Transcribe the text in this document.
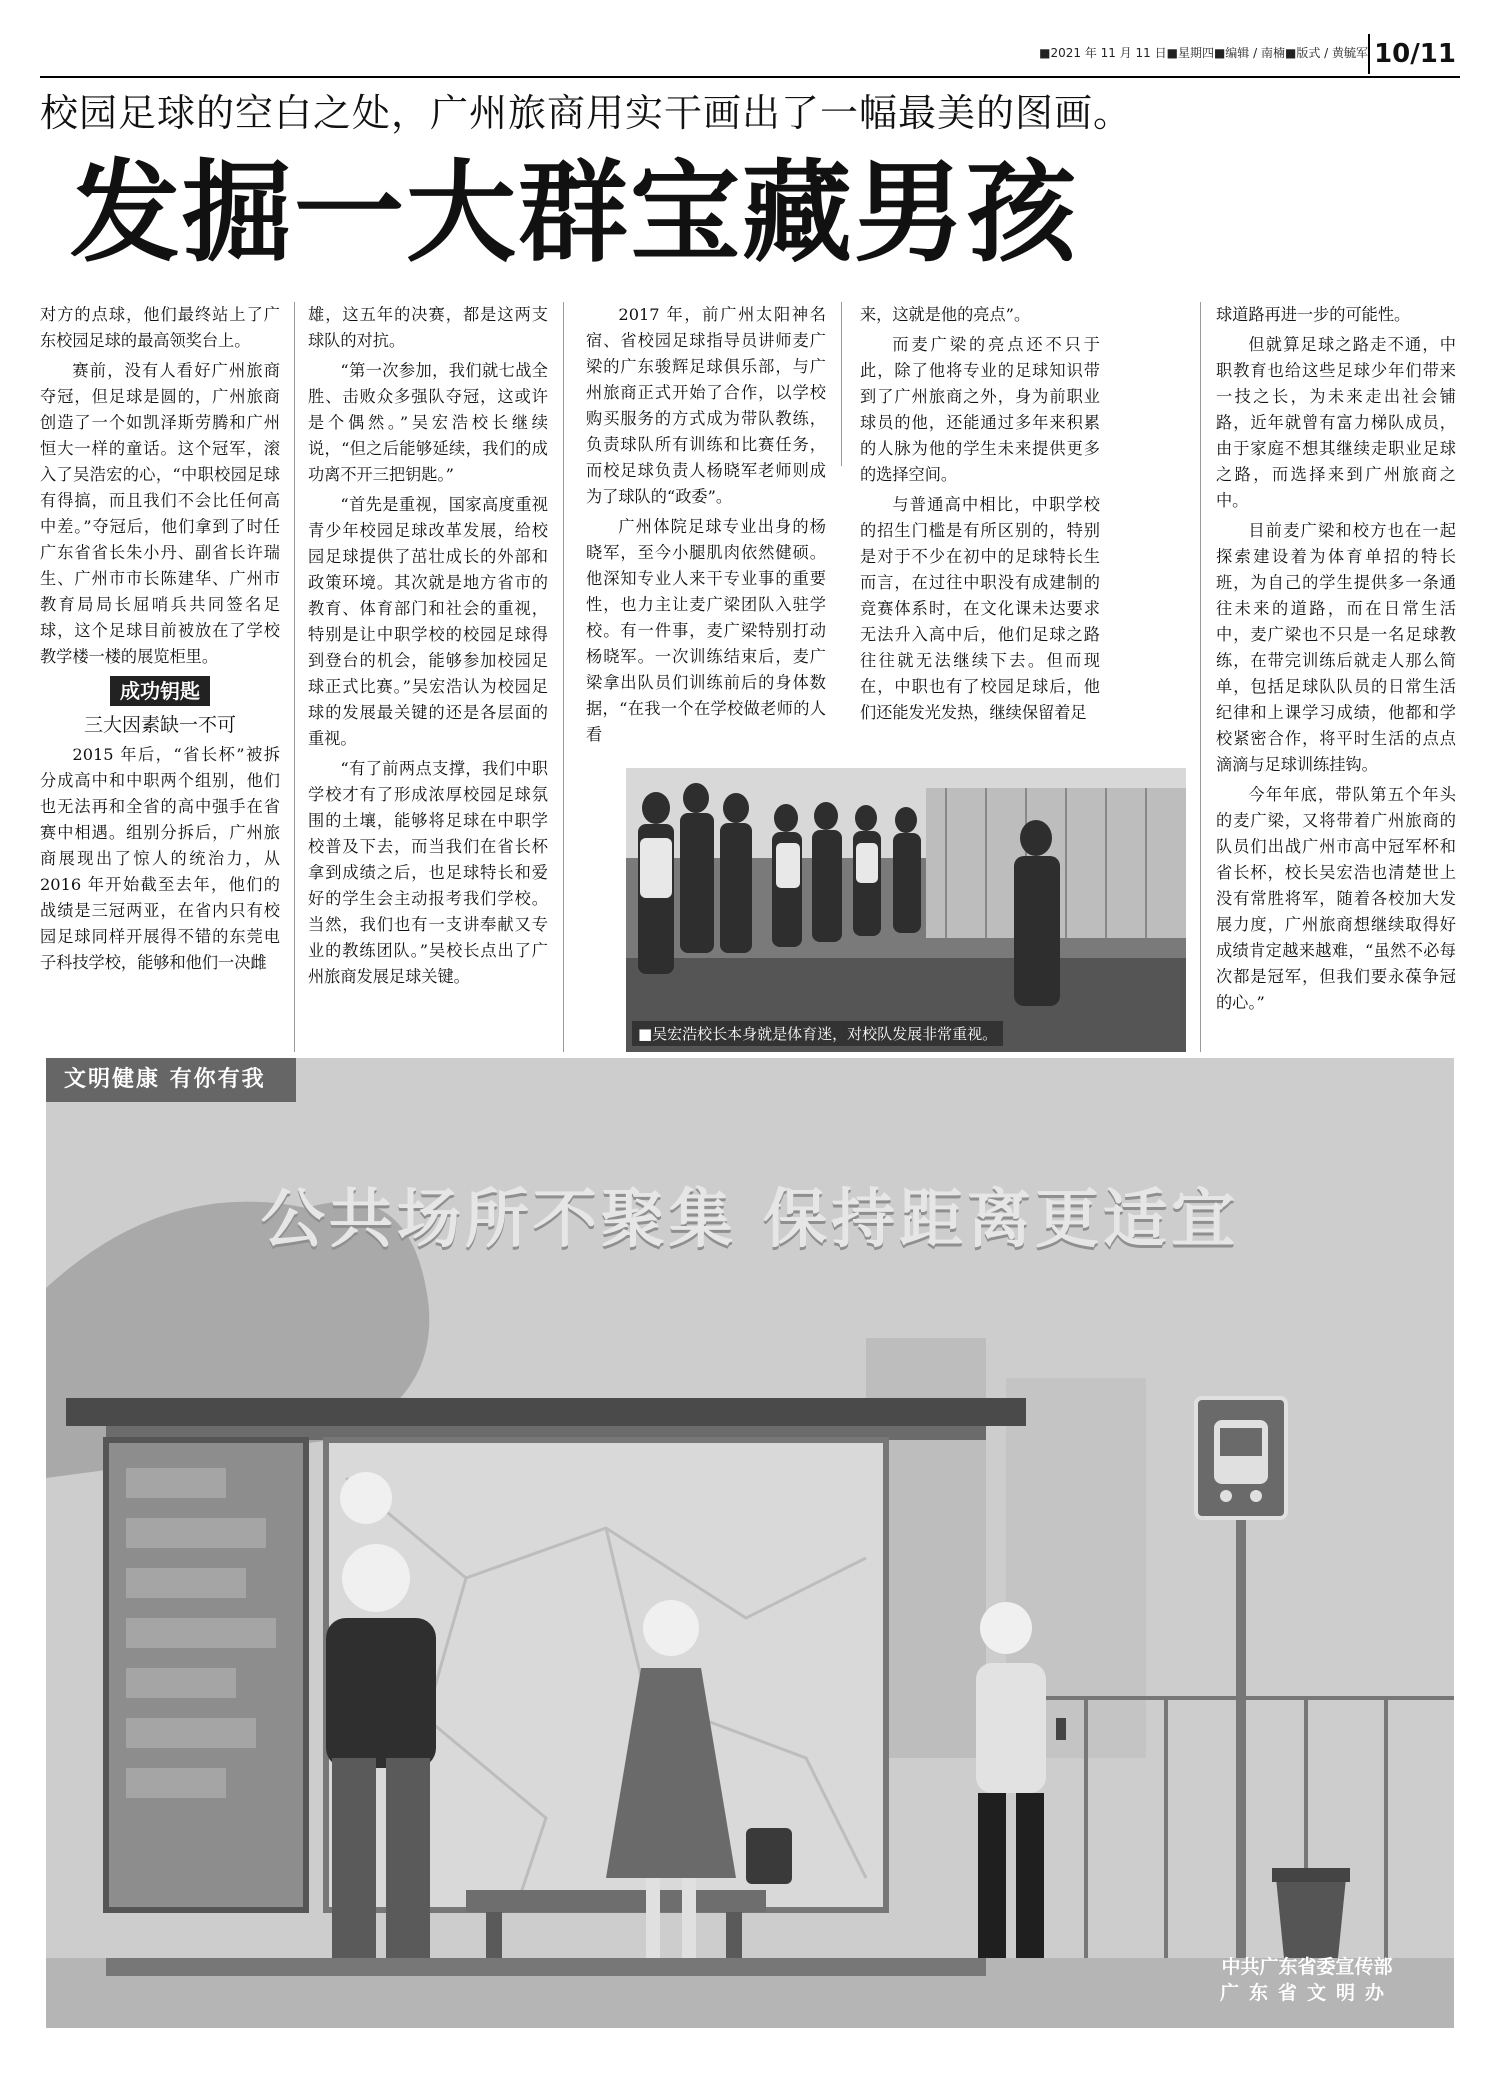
■2021 年 11 月 11 日■星期四■编辑 / 南楠■版式 / 黄毓军 10/11
校园足球的空白之处，广州旅商用实干画出了一幅最美的图画。
发掘一大群宝藏男孩

对方的点球，他们最终站上了广东校园足球的最高领奖台上。

赛前，没有人看好广州旅商夺冠，但足球是圆的，广州旅商创造了一个如凯泽斯劳腾和广州恒大一样的童话。这个冠军，滚入了吴浩宏的心，“中职校园足球有得搞，而且我们不会比任何高中差。”夺冠后，他们拿到了时任广东省省长朱小丹、副省长许瑞生、广州市市长陈建华、广州市教育局局长屈哨兵共同签名足球，这个足球目前被放在了学校教学楼一楼的展览柜里。

成功钥匙
三大因素缺一不可

2015 年后，“省长杯”被拆分成高中和中职两个组别，他们也无法再和全省的高中强手在省赛中相遇。组别分拆后，广州旅商展现出了惊人的统治力，从 2016 年开始截至去年，他们的战绩是三冠两亚，在省内只有校园足球同样开展得不错的东莞电子科技学校，能够和他们一决雌

雄，这五年的决赛，都是这两支球队的对抗。

“第一次参加，我们就七战全胜、击败众多强队夺冠，这或许是个偶然。”吴宏浩校长继续说，“但之后能够延续，我们的成功离不开三把钥匙。”

“首先是重视，国家高度重视青少年校园足球改革发展，给校园足球提供了茁壮成长的外部和政策环境。其次就是地方省市的教育、体育部门和社会的重视，特别是让中职学校的校园足球得到登台的机会，能够参加校园足球正式比赛。”吴宏浩认为校园足球的发展最关键的还是各层面的重视。

“有了前两点支撑，我们中职学校才有了形成浓厚校园足球氛围的土壤，能够将足球在中职学校普及下去，而当我们在省长杯拿到成绩之后，也足球特长和爱好的学生会主动报考我们学校。当然，我们也有一支讲奉献又专业的教练团队。”吴校长点出了广州旅商发展足球关键。

2017 年，前广州太阳神名宿、省校园足球指导员讲师麦广梁的广东骏辉足球俱乐部，与广州旅商正式开始了合作，以学校购买服务的方式成为带队教练，负责球队所有训练和比赛任务，而校足球负责人杨晓军老师则成为了球队的“政委”。

广州体院足球专业出身的杨晓军，至今小腿肌肉依然健硕。他深知专业人来干专业事的重要性，也力主让麦广梁团队入驻学校。有一件事，麦广梁特别打动杨晓军。一次训练结束后，麦广梁拿出队员们训练前后的身体数据，“在我一个在学校做老师的人看

来，这就是他的亮点”。

而麦广梁的亮点还不只于此，除了他将专业的足球知识带到了广州旅商之外，身为前职业球员的他，还能通过多年来积累的人脉为他的学生未来提供更多的选择空间。

与普通高中相比，中职学校的招生门槛是有所区别的，特别是对于不少在初中的足球特长生而言，在过往中职没有成建制的竞赛体系时，在文化课未达要求无法升入高中后，他们足球之路往往就无法继续下去。但而现在，中职也有了校园足球后，他们还能发光发热，继续保留着足

球道路再进一步的可能性。

但就算足球之路走不通，中职教育也给这些足球少年们带来一技之长，为未来走出社会铺路，近年就曾有富力梯队成员，由于家庭不想其继续走职业足球之路，而选择来到广州旅商之中。

目前麦广梁和校方也在一起探索建设着为体育单招的特长班，为自己的学生提供多一条通往未来的道路，而在日常生活中，麦广梁也不只是一名足球教练，在带完训练后就走人那么简单，包括足球队队员的日常生活纪律和上课学习成绩，他都和学校紧密合作，将平时生活的点点滴滴与足球训练挂钩。

今年年底，带队第五个年头的麦广梁，又将带着广州旅商的队员们出战广州市高中冠军杯和省长杯，校长吴宏浩也清楚世上没有常胜将军，随着各校加大发展力度，广州旅商想继续取得好成绩肯定越来越难，“虽然不必每次都是冠军，但我们要永葆争冠的心。”

■吴宏浩校长本身就是体育迷，对校队发展非常重视。
文明健康 有你有我
公共场所不聚集 保持距离更适宜
中共广东省委宣传部
广东省文明办
